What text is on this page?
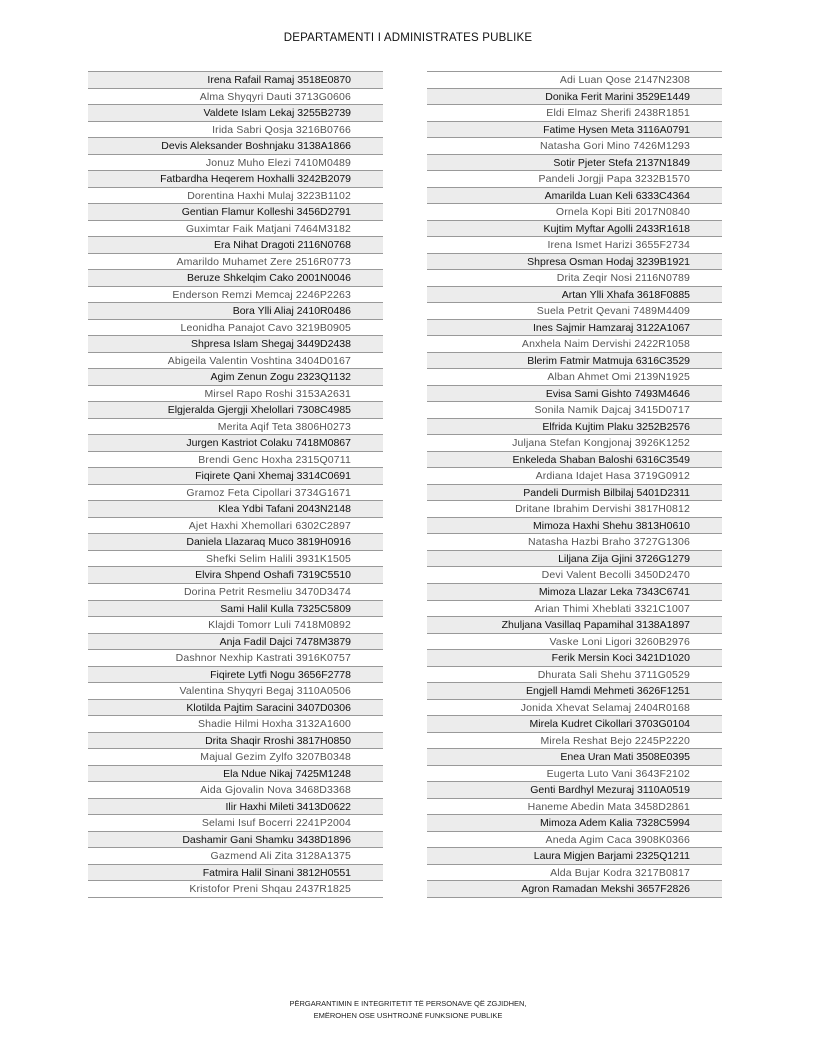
DEPARTAMENTI I ADMINISTRATES PUBLIKE
Irena Rafail Ramaj 3518E0870
Alma Shyqyri Dauti 3713G0606
Valdete Islam Lekaj 3255B2739
Irida Sabri Qosja 3216B0766
Devis Aleksander Boshnjaku 3138A1866
Jonuz Muho Elezi 7410M0489
Fatbardha Heqerem Hoxhalli 3242B2079
Dorentina Haxhi Mulaj 3223B1102
Gentian Flamur Kolleshi 3456D2791
Guximtar Faik Matjani 7464M3182
Era Nihat Dragoti 2116N0768
Amarildo Muhamet Zere 2516R0773
Beruze Shkelqim Cako 2001N0046
Enderson Remzi Memcaj 2246P2263
Bora Ylli Aliaj 2410R0486
Leonidha Panajot Cavo 3219B0905
Shpresa Islam Shegaj 3449D2438
Abigeila Valentin Voshtina 3404D0167
Agim Zenun Zogu 2323Q1132
Mirsel Rapo Roshi 3153A2631
Elgjeralda Gjergji Xhelollari 7308C4985
Merita Aqif Teta 3806H0273
Jurgen Kastriot Colaku 7418M0867
Brendi Genc Hoxha 2315Q0711
Fiqirete Qani Xhemaj 3314C0691
Gramoz Feta Cipollari 3734G1671
Klea Ydbi Tafani 2043N2148
Ajet Haxhi Xhemollari 6302C2897
Daniela Llazaraq Muco 3819H0916
Shefki Selim Halili 3931K1505
Elvira Shpend Oshafi 7319C5510
Dorina Petrit Resmeliu 3470D3474
Sami Halil Kulla 7325C5809
Klajdi Tomorr Luli 7418M0892
Anja Fadil Dajci 7478M3879
Dashnor Nexhip Kastrati 3916K0757
Fiqirete Lytfi Nogu 3656F2778
Valentina Shyqyri Begaj 3110A0506
Klotilda Pajtim Saracini 3407D0306
Shadie Hilmi Hoxha 3132A1600
Drita Shaqir Rroshi 3817H0850
Majual Gezim Zylfo 3207B0348
Ela Ndue Nikaj 7425M1248
Aida Gjovalin Nova 3468D3368
Ilir Haxhi Mileti 3413D0622
Selami Isuf Bocerri 2241P2004
Dashamir Gani Shamku 3438D1896
Gazmend Ali Zita 3128A1375
Fatmira Halil Sinani 3812H0551
Kristofor Preni Shqau 2437R1825
Adi Luan Qose 2147N2308
Donika Ferit Marini 3529E1449
Eldi Elmaz Sherifi 2438R1851
Fatime Hysen Meta 3116A0791
Natasha Gori Mino 7426M1293
Sotir Pjeter Stefa 2137N1849
Pandeli Jorgji Papa 3232B1570
Amarilda Luan Keli 6333C4364
Ornela Kopi Biti 2017N0840
Kujtim Myftar Agolli 2433R1618
Irena Ismet Harizi 3655F2734
Shpresa Osman Hodaj 3239B1921
Drita Zeqir Nosi 2116N0789
Artan Ylli Xhafa 3618F0885
Suela Petrit Qevani 7489M4409
Ines Sajmir Hamzaraj 3122A1067
Anxhela Naim Dervishi 2422R1058
Blerim Fatmir Matmuja 6316C3529
Alban Ahmet Omi 2139N1925
Evisa Sami Gishto 7493M4646
Sonila Namik Dajcaj 3415D0717
Elfrida Kujtim Plaku 3252B2576
Juljana Stefan Kongjonaj 3926K1252
Enkeleda Shaban Baloshi 6316C3549
Ardiana Idajet Hasa 3719G0912
Pandeli Durmish Bilbilaj 5401D2311
Dritane Ibrahim Dervishi 3817H0812
Mimoza Haxhi Shehu 3813H0610
Natasha Hazbi Braho 3727G1306
Liljana Zija Gjini 3726G1279
Devi Valent Becolli 3450D2470
Mimoza Llazar Leka 7343C6741
Arian Thimi Xheblati 3321C1007
Zhuljana Vasillaq Papamihal 3138A1897
Vaske Loni Ligori 3260B2976
Ferik Mersin Koci 3421D1020
Dhurata Sali Shehu 3711G0529
Engjell Hamdi Mehmeti 3626F1251
Jonida Xhevat Selamaj 2404R0168
Mirela Kudret Cikollari 3703G0104
Mirela Reshat Bejo 2245P2220
Enea Uran Mati 3508E0395
Eugerta Luto Vani 3643F2102
Genti Bardhyl Mezuraj 3110A0519
Haneme Abedin Mata 3458D2861
Mimoza Adem Kalia 7328C5994
Aneda Agim Caca 3908K0366
Laura Migjen Barjami 2325Q1211
Alda Bujar Kodra 3217B0817
Agron Ramadan Mekshi 3657F2826
PËRGARANTIMIN E INTEGRITETIT TË PERSONAVE QË ZGJIDHEN,
EMËROHEN OSE USHTROJNË FUNKSIONE PUBLIKE
